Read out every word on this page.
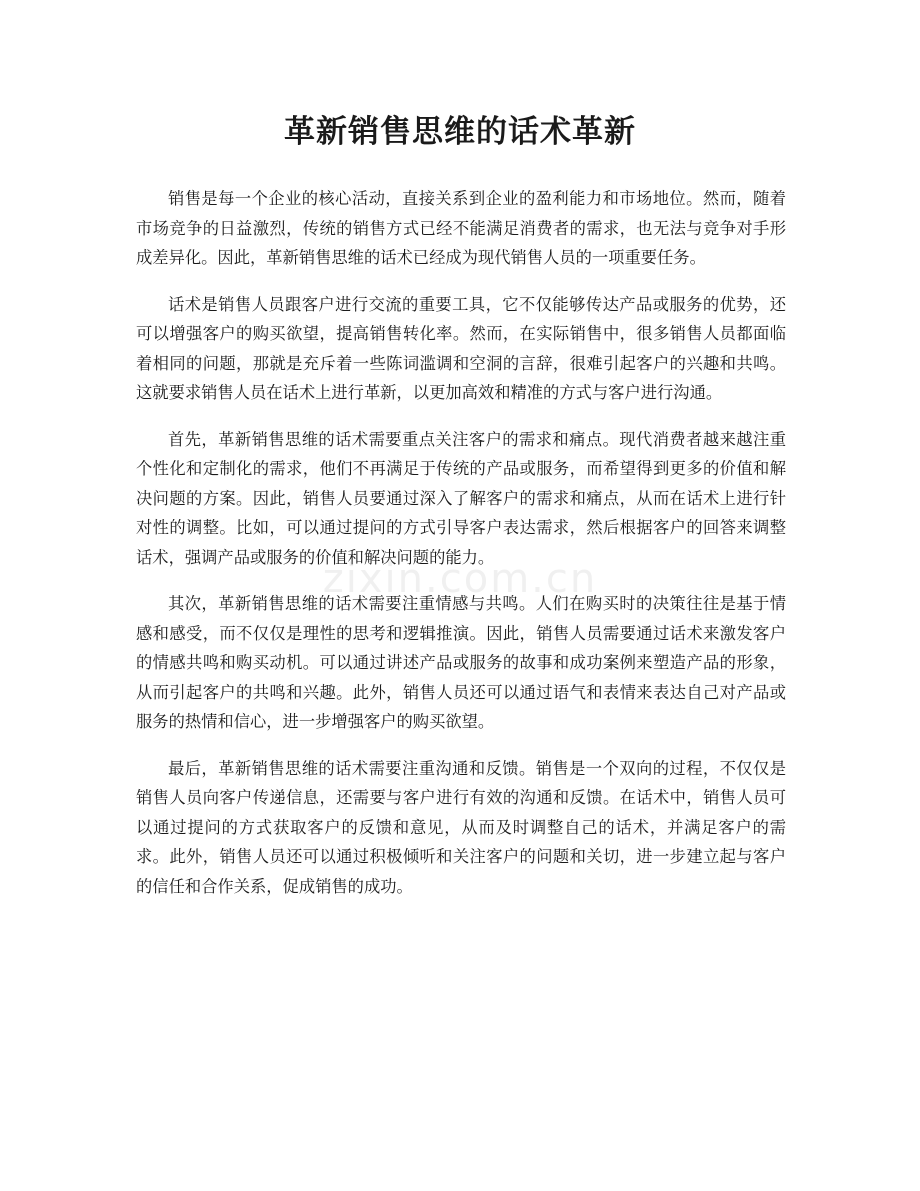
革新销售思维的话术革新

销售是每一个企业的核心活动，直接关系到企业的盈利能力和市场地位。然而，随着市场竞争的日益激烈，传统的销售方式已经不能满足消费者的需求，也无法与竞争对手形成差异化。因此，革新销售思维的话术已经成为现代销售人员的一项重要任务。

话术是销售人员跟客户进行交流的重要工具，它不仅能够传达产品或服务的优势，还可以增强客户的购买欲望，提高销售转化率。然而，在实际销售中，很多销售人员都面临着相同的问题，那就是充斥着一些陈词滥调和空洞的言辞，很难引起客户的兴趣和共鸣。这就要求销售人员在话术上进行革新，以更加高效和精准的方式与客户进行沟通。

首先，革新销售思维的话术需要重点关注客户的需求和痛点。现代消费者越来越注重个性化和定制化的需求，他们不再满足于传统的产品或服务，而希望得到更多的价值和解决问题的方案。因此，销售人员要通过深入了解客户的需求和痛点，从而在话术上进行针对性的调整。比如，可以通过提问的方式引导客户表达需求，然后根据客户的回答来调整话术，强调产品或服务的价值和解决问题的能力。

其次，革新销售思维的话术需要注重情感与共鸣。人们在购买时的决策往往是基于情感和感受，而不仅仅是理性的思考和逻辑推演。因此，销售人员需要通过话术来激发客户的情感共鸣和购买动机。可以通过讲述产品或服务的故事和成功案例来塑造产品的形象，从而引起客户的共鸣和兴趣。此外，销售人员还可以通过语气和表情来表达自己对产品或服务的热情和信心，进一步增强客户的购买欲望。

最后，革新销售思维的话术需要注重沟通和反馈。销售是一个双向的过程，不仅仅是销售人员向客户传递信息，还需要与客户进行有效的沟通和反馈。在话术中，销售人员可以通过提问的方式获取客户的反馈和意见，从而及时调整自己的话术，并满足客户的需求。此外，销售人员还可以通过积极倾听和关注客户的问题和关切，进一步建立起与客户的信任和合作关系，促成销售的成功。

zixin.com.cn
